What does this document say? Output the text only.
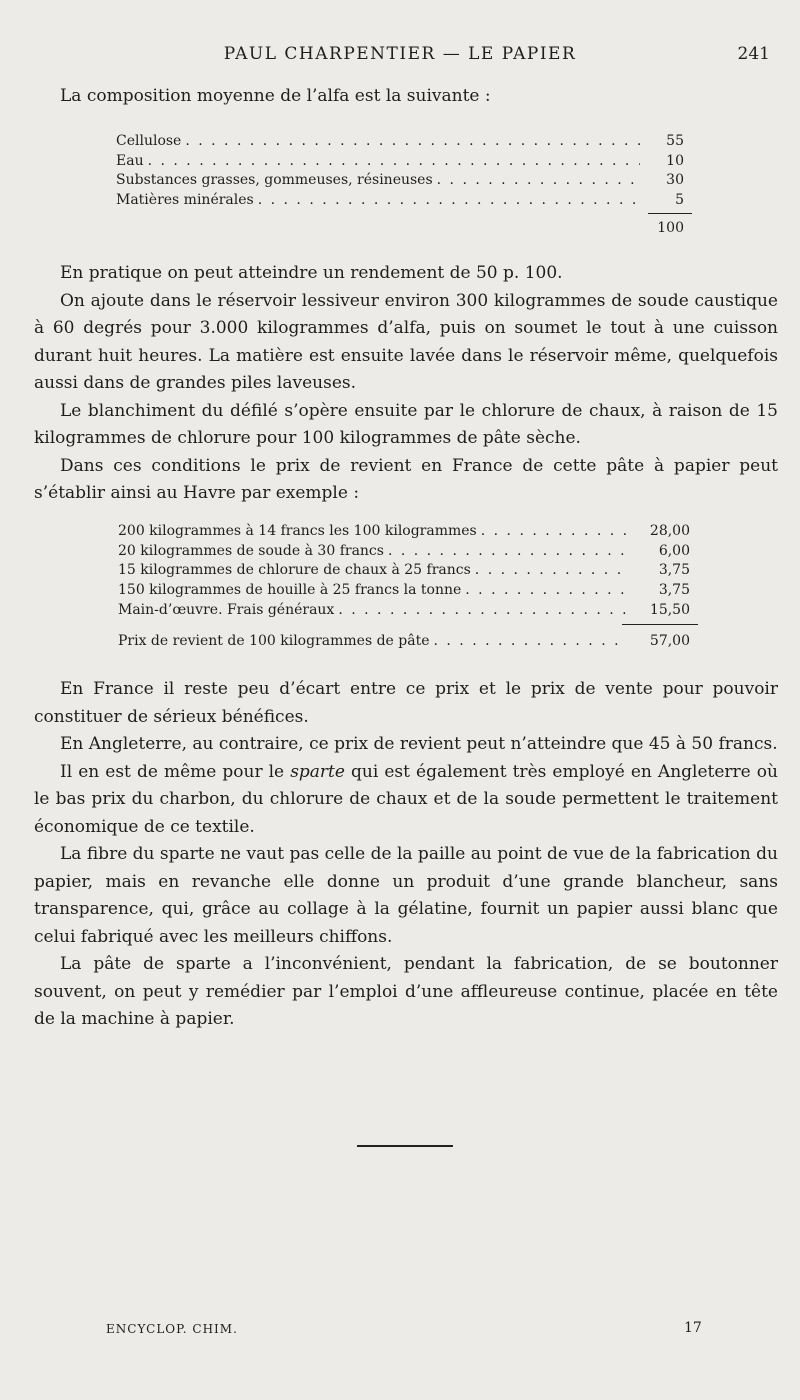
PAUL CHARPENTIER — LE PAPIER	241

La composition moyenne de l’alfa est la suivante :

Cellulose . . .	55
Eau . . .	10
Substances grasses, gommeuses, résineuses . . .	30
Matières minérales . . .	5
100
En pratique on peut atteindre un rendement de 50 p. 100.
On ajoute dans le réservoir lessiveur environ 300 kilogrammes de soude caustique à 60 degrés pour 3.000 kilogrammes d’alfa, puis on soumet le tout à une cuisson durant huit heures. La matière est ensuite lavée dans le réservoir même, quelquefois aussi dans de grandes piles laveuses.
Le blanchiment du défilé s’opère ensuite par le chlorure de chaux, à raison de 15 kilogrammes de chlorure pour 100 kilogrammes de pâte sèche.
Dans ces conditions le prix de revient en France de cette pâte à papier peut s’établir ainsi au Havre par exemple :
200 kilogrammes à 14 francs les 100 kilogrammes . . .	28,00
20 kilogrammes de soude à 30 francs . . .	6,00
15 kilogrammes de chlorure de chaux à 25 francs . . .	3,75
150 kilogrammes de houille à 25 francs la tonne . . .	3,75
Main-d’œuvre. Frais généraux . . .	15,50
Prix de revient de 100 kilogrammes de pâte . . .	57,00
En France il reste peu d’écart entre ce prix et le prix de vente pour pouvoir constituer de sérieux bénéfices.
En Angleterre, au contraire, ce prix de revient peut n’atteindre que 45 à 50 francs.
Il en est de même pour le sparte qui est également très employé en Angleterre où le bas prix du charbon, du chlorure de chaux et de la soude permettent le traitement économique de ce textile.
La fibre du sparte ne vaut pas celle de la paille au point de vue de la fabrication du papier, mais en revanche elle donne un produit d’une grande blancheur, sans transparence, qui, grâce au collage à la gélatine, fournit un papier aussi blanc que celui fabriqué avec les meilleurs chiffons.
La pâte de sparte a l’inconvénient, pendant la fabrication, de se boutonner souvent, on peut y remédier par l’emploi d’une affleureuse continue, placée en tête de la machine à papier.
ENCYCLOP. CHIM.	17
